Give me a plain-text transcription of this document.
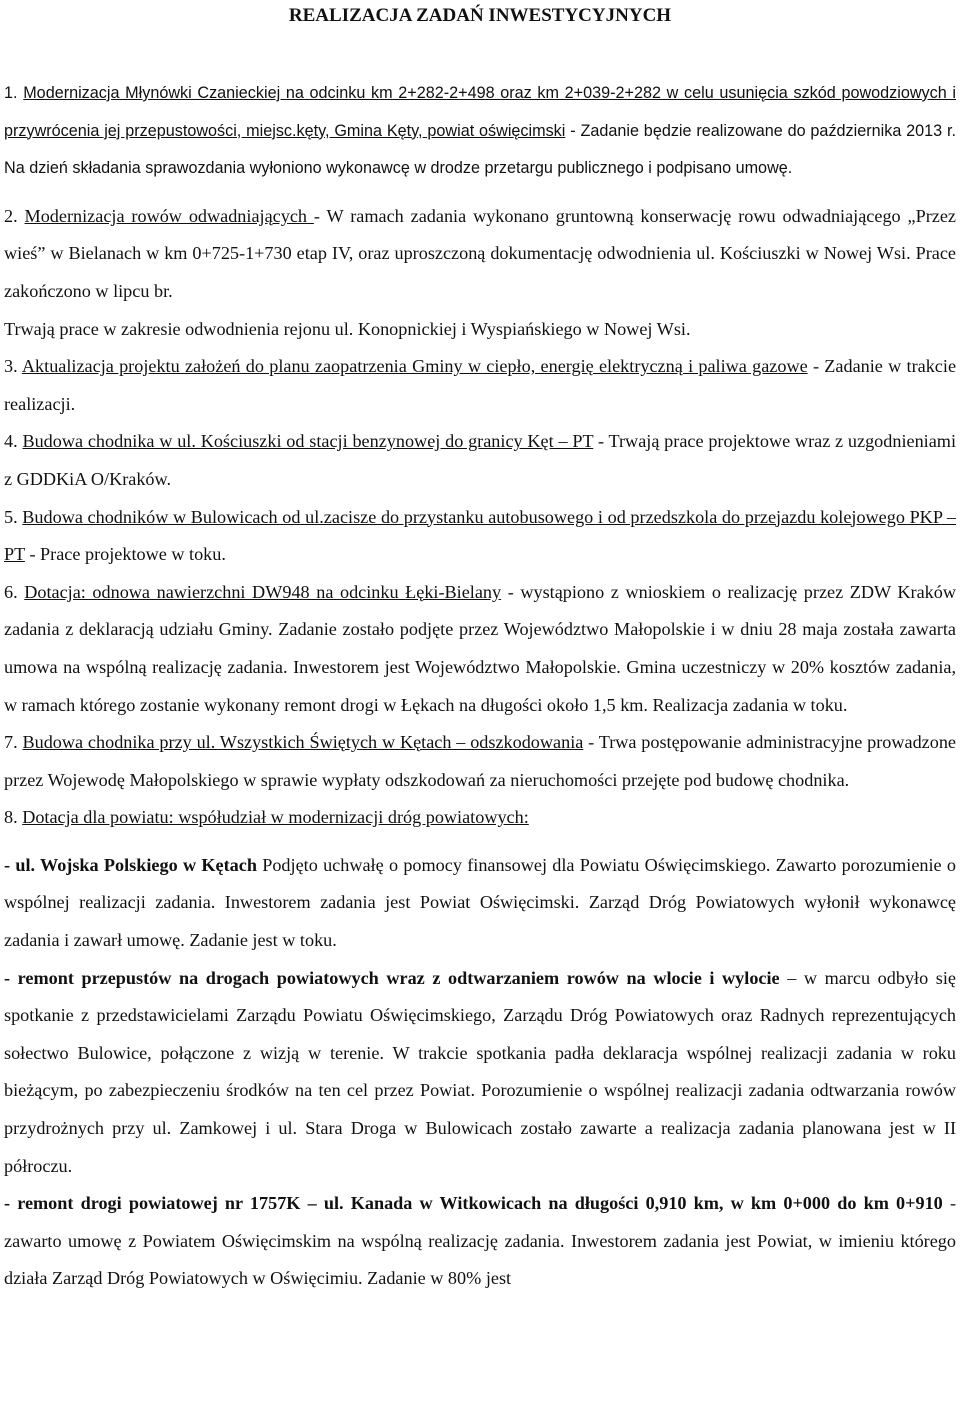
REALIZACJA ZADAŃ INWESTYCYJNYCH

1. Modernizacja Młynówki Czanieckiej na odcinku km 2+282-2+498 oraz km 2+039-2+282 w celu usunięcia szkód powodziowych i przywrócenia jej przepustowości, miejsc.kęty, Gmina Kęty, powiat oświęcimski - Zadanie będzie realizowane do października 2013 r. Na dzień składania sprawozdania wyłoniono wykonawcę w drodze przetargu publicznego i podpisano umowę.

2. Modernizacja rowów odwadniających - W ramach zadania wykonano gruntowną konserwację rowu odwadniającego „Przez wieś” w Bielanach w km 0+725-1+730 etap IV, oraz uproszczoną dokumentację odwodnienia ul. Kościuszki w Nowej Wsi. Prace zakończono w lipcu br.

Trwają prace w zakresie odwodnienia rejonu ul. Konopnickiej i Wyspiańskiego w Nowej Wsi.

3. Aktualizacja projektu założeń do planu zaopatrzenia Gminy w ciepło, energię elektryczną i paliwa gazowe - Zadanie w trakcie realizacji.

4. Budowa chodnika w ul. Kościuszki od stacji benzynowej do granicy Kęt – PT - Trwają prace projektowe wraz z uzgodnieniami z GDDKiA O/Kraków.

5. Budowa chodników w Bulowicach od ul.zacisze do przystanku autobusowego i od przedszkola do przejazdu kolejowego PKP – PT - Prace projektowe w toku.

6. Dotacja: odnowa nawierzchni DW948 na odcinku Łęki-Bielany - wystąpiono z wnioskiem o realizację przez ZDW Kraków zadania z deklaracją udziału Gminy. Zadanie zostało podjęte przez Województwo Małopolskie i w dniu 28 maja została zawarta umowa na wspólną realizację zadania. Inwestorem jest Województwo Małopolskie. Gmina uczestniczy w 20% kosztów zadania, w ramach którego zostanie wykonany remont drogi w Łękach na długości około 1,5 km. Realizacja zadania w toku.

7. Budowa chodnika przy ul. Wszystkich Świętych w Kętach – odszkodowania - Trwa postępowanie administracyjne prowadzone przez Wojewodę Małopolskiego w sprawie wypłaty odszkodowań za nieruchomości przejęte pod budowę chodnika.

8. Dotacja dla powiatu: współudział w modernizacji dróg powiatowych:

- ul. Wojska Polskiego w Kętach Podjęto uchwałę o pomocy finansowej dla Powiatu Oświęcimskiego. Zawarto porozumienie o wspólnej realizacji zadania. Inwestorem zadania jest Powiat Oświęcimski. Zarząd Dróg Powiatowych wyłonił wykonawcę zadania i zawarł umowę. Zadanie jest w toku.

- remont przepustów na drogach powiatowych wraz z odtwarzaniem rowów na wlocie i wylocie – w marcu odbyło się spotkanie z przedstawicielami Zarządu Powiatu Oświęcimskiego, Zarządu Dróg Powiatowych oraz Radnych reprezentujących sołectwo Bulowice, połączone z wizją w terenie. W trakcie spotkania padła deklaracja wspólnej realizacji zadania w roku bieżącym, po zabezpieczeniu środków na ten cel przez Powiat. Porozumienie o wspólnej realizacji zadania odtwarzania rowów przydrożnych przy ul. Zamkowej i ul. Stara Droga w Bulowicach zostało zawarte a realizacja zadania planowana jest w II półroczu.

- remont drogi powiatowej nr 1757K – ul. Kanada w Witkowicach na długości 0,910 km, w km 0+000 do km 0+910 - zawarto umowę z Powiatem Oświęcimskim na wspólną realizację zadania. Inwestorem zadania jest Powiat, w imieniu którego działa Zarząd Dróg Powiatowych w Oświęcimiu. Zadanie w 80% jest
